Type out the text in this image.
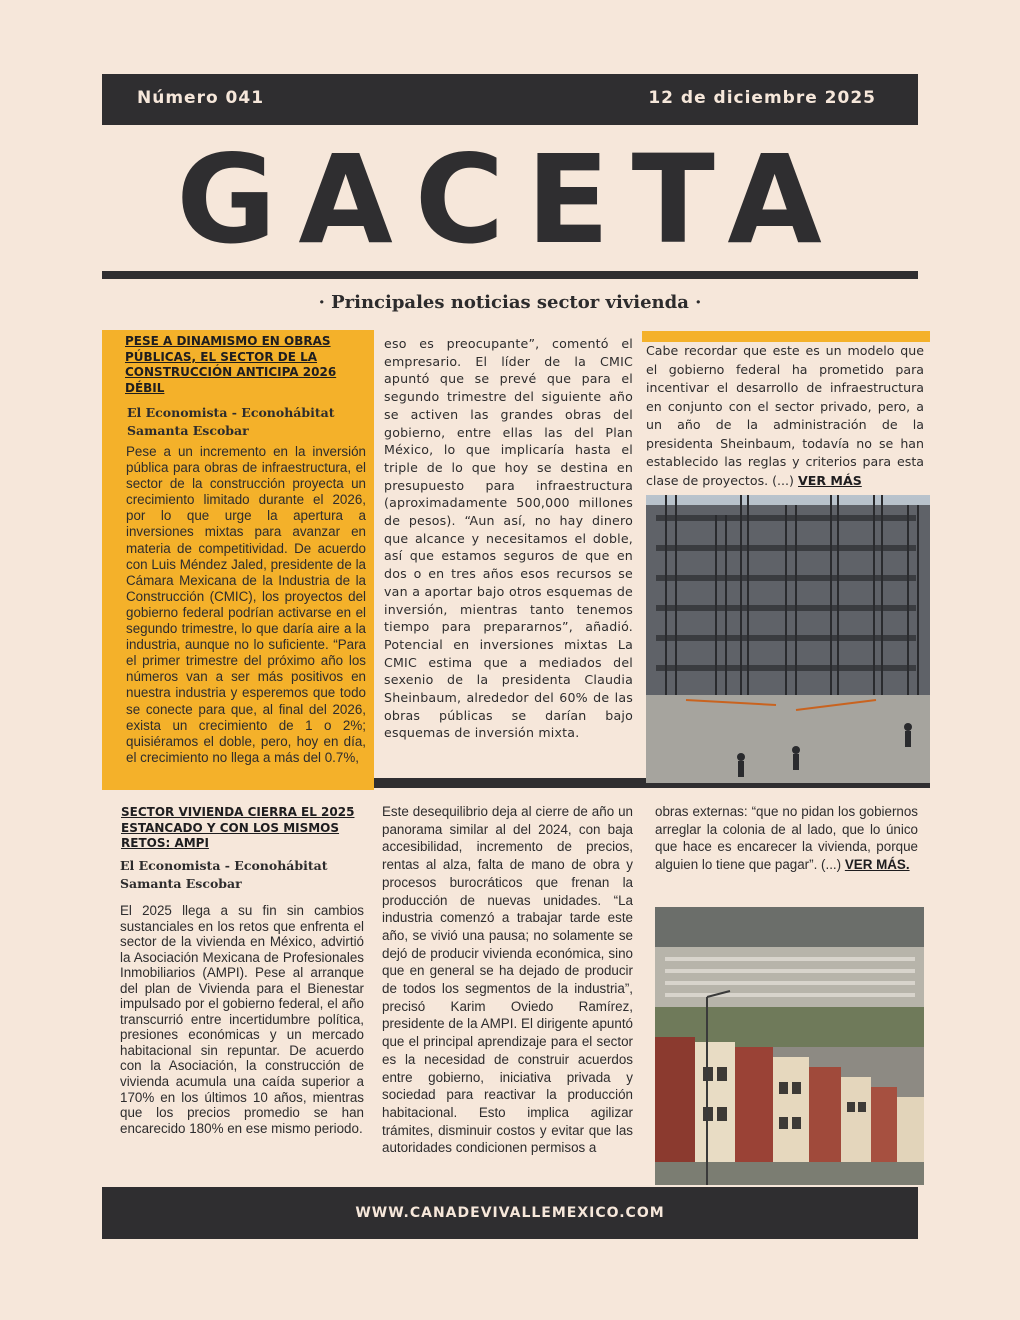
Número 041	12 de diciembre 2025
GACETA
· Principales noticias sector vivienda ·
PESE A DINAMISMO EN OBRAS PÚBLICAS, EL SECTOR DE LA CONSTRUCCIÓN ANTICIPA 2026 DÉBIL
El Economista - Econohábitat
Samanta Escobar
Pese a un incremento en la inversión pública para obras de infraestructura, el sector de la construcción proyecta un crecimiento limitado durante el 2026, por lo que urge la apertura a inversiones mixtas para avanzar en materia de competitividad. De acuerdo con Luis Méndez Jaled, presidente de la Cámara Mexicana de la Industria de la Construcción (CMIC), los proyectos del gobierno federal podrían activarse en el segundo trimestre, lo que daría aire a la industria, aunque no lo suficiente. “Para el primer trimestre del próximo año los números van a ser más positivos en nuestra industria y esperemos que todo se conecte para que, al final del 2026, exista un crecimiento de 1 o 2%; quisiéramos el doble, pero, hoy en día, el crecimiento no llega a más del 0.7%,
eso es preocupante”, comentó el empresario. El líder de la CMIC apuntó que se prevé que para el segundo trimestre del siguiente año se activen las grandes obras del gobierno, entre ellas las del Plan México, lo que implicaría hasta el triple de lo que hoy se destina en presupuesto para infraestructura (aproximadamente 500,000 millones de pesos). “Aun así, no hay dinero que alcance y necesitamos el doble, así que estamos seguros de que en dos o en tres años esos recursos se van a aportar bajo otros esquemas de inversión, mientras tanto tenemos tiempo para prepararnos”, añadió. Potencial en inversiones mixtas La CMIC estima que a mediados del sexenio de la presidenta Claudia Sheinbaum, alrededor del 60% de las obras públicas se darían bajo esquemas de inversión mixta.
Cabe recordar que este es un modelo que el gobierno federal ha prometido para incentivar el desarrollo de infraestructura en conjunto con el sector privado, pero, a un año de la administración de la presidenta Sheinbaum, todavía no se han establecido las reglas y criterios para esta clase de proyectos. (...) VER MÁS
SECTOR VIVIENDA CIERRA EL 2025 ESTANCADO Y CON LOS MISMOS RETOS: AMPI
El Economista - Econohábitat
Samanta Escobar
El 2025 llega a su fin sin cambios sustanciales en los retos que enfrenta el sector de la vivienda en México, advirtió la Asociación Mexicana de Profesionales Inmobiliarios (AMPI). Pese al arranque del plan de Vivienda para el Bienestar impulsado por el gobierno federal, el año transcurrió entre incertidumbre política, presiones económicas y un mercado habitacional sin repuntar. De acuerdo con la Asociación, la construcción de vivienda acumula una caída superior a 170% en los últimos 10 años, mientras que los precios promedio se han encarecido 180% en ese mismo periodo.
Este desequilibrio deja al cierre de año un panorama similar al del 2024, con baja accesibilidad, incremento de precios, rentas al alza, falta de mano de obra y procesos burocráticos que frenan la producción de nuevas unidades. “La industria comenzó a trabajar tarde este año, se vivió una pausa; no solamente se dejó de producir vivienda económica, sino que en general se ha dejado de producir de todos los segmentos de la industria”, precisó Karim Oviedo Ramírez, presidente de la AMPI. El dirigente apuntó que el principal aprendizaje para el sector es la necesidad de construir acuerdos entre gobierno, iniciativa privada y sociedad para reactivar la producción habitacional. Esto implica agilizar trámites, disminuir costos y evitar que las autoridades condicionen permisos a
obras externas: “que no pidan los gobiernos arreglar la colonia de al lado, que lo único que hace es encarecer la vivienda, porque alguien lo tiene que pagar”. (...) VER MÁS.
WWW.CANADEVIVALLEMEXICO.COM
